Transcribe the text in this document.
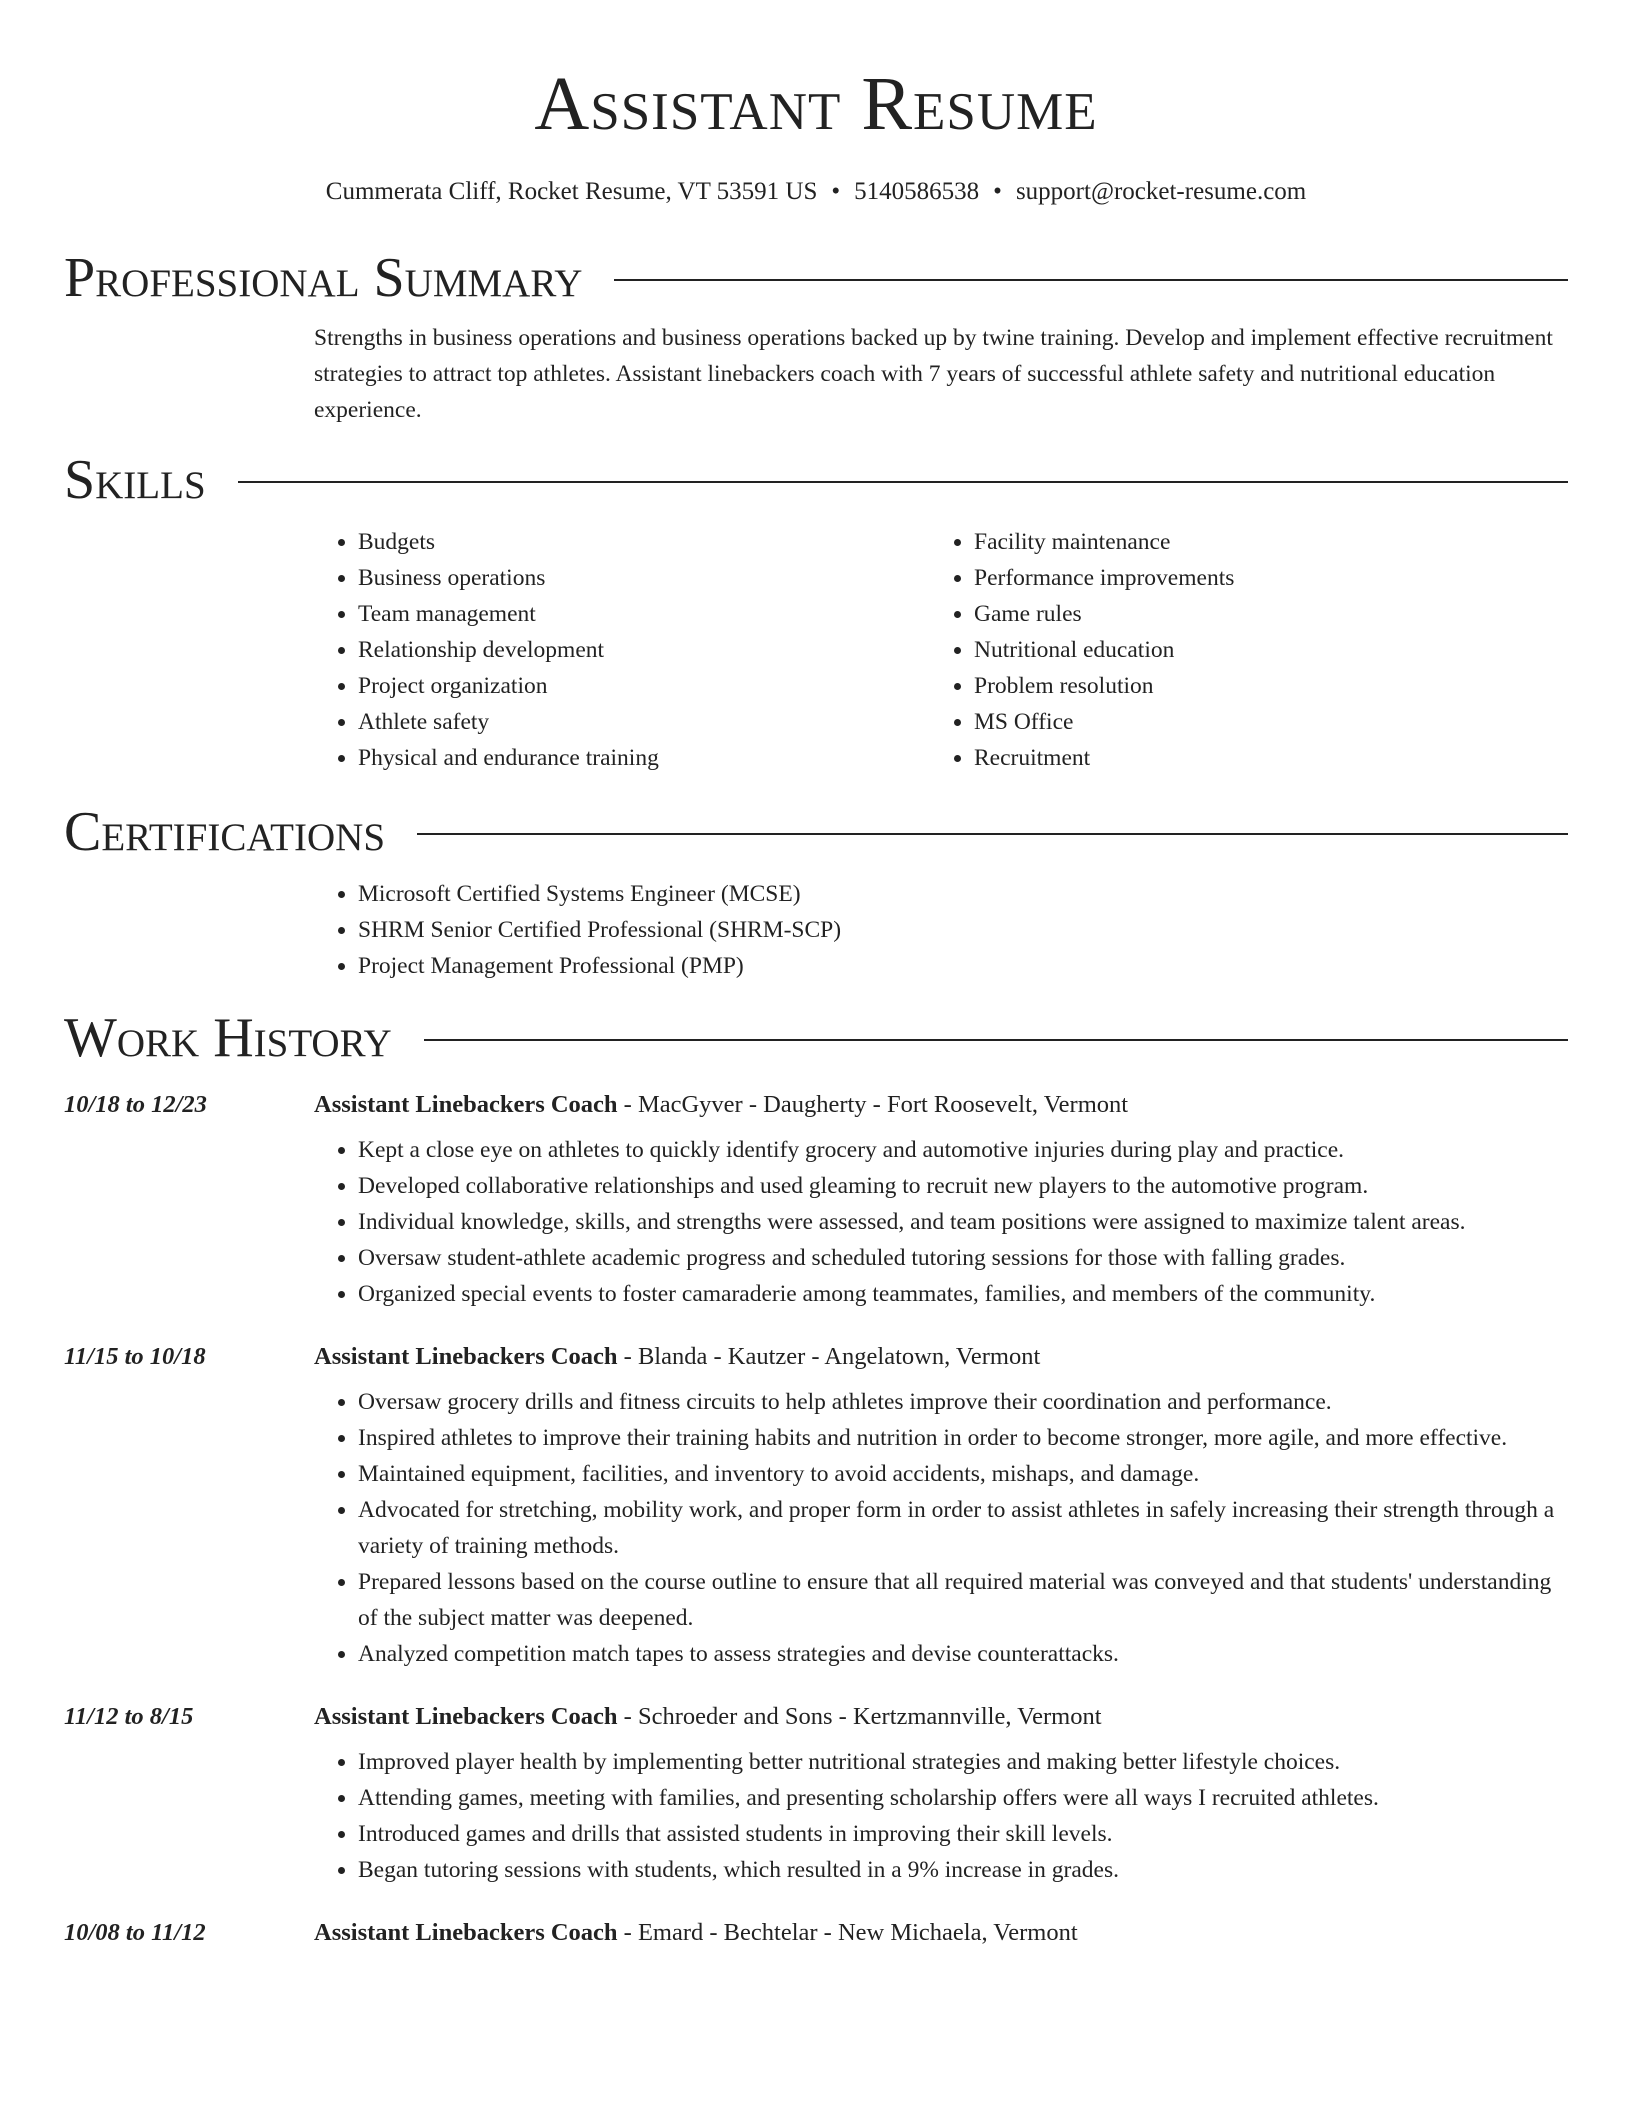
Assistant Resume
Cummerata Cliff, Rocket Resume, VT 53591 US • 5140586538 • support@rocket-resume.com
Professional Summary
Strengths in business operations and business operations backed up by twine training. Develop and implement effective recruitment strategies to attract top athletes. Assistant linebackers coach with 7 years of successful athlete safety and nutritional education experience.
Skills
• Budgets
• Business operations
• Team management
• Relationship development
• Project organization
• Athlete safety
• Physical and endurance training
• Facility maintenance
• Performance improvements
• Game rules
• Nutritional education
• Problem resolution
• MS Office
• Recruitment
Certifications
• Microsoft Certified Systems Engineer (MCSE)
• SHRM Senior Certified Professional (SHRM-SCP)
• Project Management Professional (PMP)
Work History
10/18 to 12/23	Assistant Linebackers Coach - MacGyver - Daugherty - Fort Roosevelt, Vermont
• Kept a close eye on athletes to quickly identify grocery and automotive injuries during play and practice.
• Developed collaborative relationships and used gleaming to recruit new players to the automotive program.
• Individual knowledge, skills, and strengths were assessed, and team positions were assigned to maximize talent areas.
• Oversaw student-athlete academic progress and scheduled tutoring sessions for those with falling grades.
• Organized special events to foster camaraderie among teammates, families, and members of the community.
11/15 to 10/18	Assistant Linebackers Coach - Blanda - Kautzer - Angelatown, Vermont
• Oversaw grocery drills and fitness circuits to help athletes improve their coordination and performance.
• Inspired athletes to improve their training habits and nutrition in order to become stronger, more agile, and more effective.
• Maintained equipment, facilities, and inventory to avoid accidents, mishaps, and damage.
• Advocated for stretching, mobility work, and proper form in order to assist athletes in safely increasing their strength through a variety of training methods.
• Prepared lessons based on the course outline to ensure that all required material was conveyed and that students' understanding of the subject matter was deepened.
• Analyzed competition match tapes to assess strategies and devise counterattacks.
11/12 to 8/15	Assistant Linebackers Coach - Schroeder and Sons - Kertzmannville, Vermont
• Improved player health by implementing better nutritional strategies and making better lifestyle choices.
• Attending games, meeting with families, and presenting scholarship offers were all ways I recruited athletes.
• Introduced games and drills that assisted students in improving their skill levels.
• Began tutoring sessions with students, which resulted in a 9% increase in grades.
10/08 to 11/12	Assistant Linebackers Coach - Emard - Bechtelar - New Michaela, Vermont
